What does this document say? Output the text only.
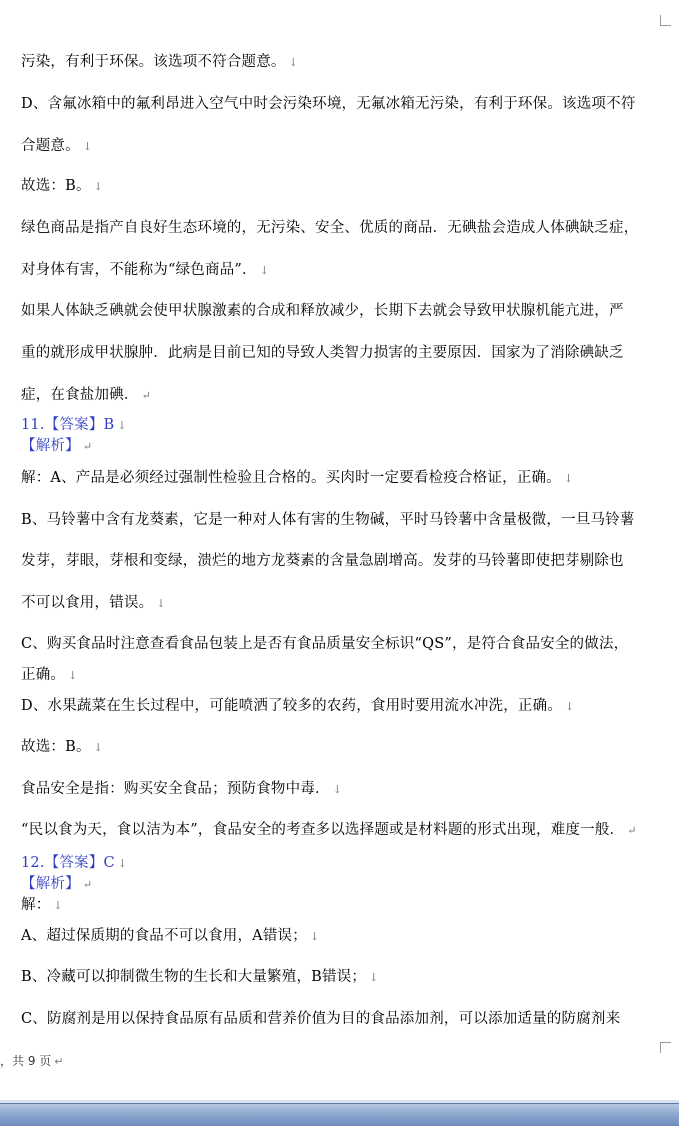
污染，有利于环保。该选项不符合题意。 ↓
D、含氟冰箱中的氟利昂进入空气中时会污染环境，无氟冰箱无污染，有利于环保。该选项不符
合题意。 ↓
故选：B。 ↓
绿色商品是指产自良好生态环境的，无污染、安全、优质的商品．无碘盐会造成人体碘缺乏症，
对身体有害，不能称为“绿色商品”． ↓
如果人体缺乏碘就会使甲状腺激素的合成和释放减少，长期下去就会导致甲状腺机能亢进，严
重的就形成甲状腺肿．此病是目前已知的导致人类智力损害的主要原因．国家为了消除碘缺乏
症，在食盐加碘． ↵
11.【答案】B ↓
【解析】 ↵
解：A、产品是必须经过强制性检验且合格的。买肉时一定要看检疫合格证，正确。 ↓
B、马铃薯中含有龙葵素，它是一种对人体有害的生物碱，平时马铃薯中含量极微，一旦马铃薯
发芽，芽眼，芽根和变绿，溃烂的地方龙葵素的含量急剧增高。发芽的马铃薯即使把芽剔除也
不可以食用，错误。 ↓
C、购买食品时注意查看食品包装上是否有食品质量安全标识“QS”，是符合食品安全的做法，
正确。 ↓
D、水果蔬菜在生长过程中，可能喷洒了较多的农药，食用时要用流水冲洗，正确。 ↓
故选：B。 ↓
食品安全是指：购买安全食品；预防食物中毒． ↓
“民以食为天，食以洁为本”，食品安全的考查多以选择题或是材料题的形式出现，难度一般． ↵
12.【答案】C ↓
【解析】 ↵
解： ↓
A、超过保质期的食品不可以食用，A错误； ↓
B、冷藏可以抑制微生物的生长和大量繁殖，B错误； ↓
C、防腐剂是用以保持食品原有品质和营养价值为目的食品添加剂，可以添加适量的防腐剂来
，共 9 页 ↵
